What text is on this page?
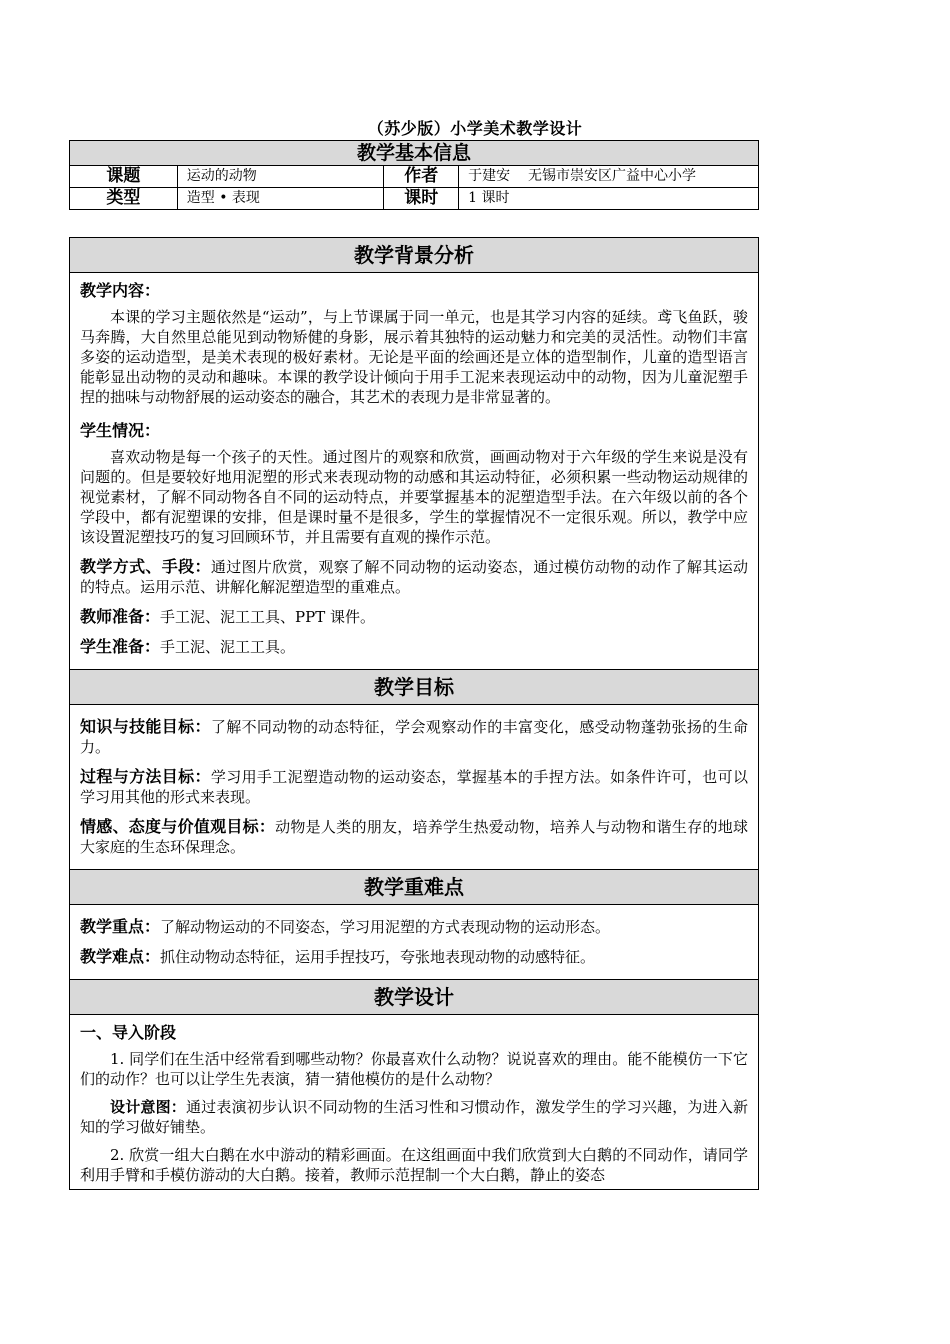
（苏少版）小学美术教学设计
教学基本信息			
课题	运动的动物	作者	于建安    无锡市崇安区广益中心小学
类型	造型 • 表现	课时	1 课时
教学背景分析

教学内容：

本课的学习主题依然是“运动”，与上节课属于同一单元，也是其学习内容的延续。鸢飞鱼跃，骏马奔腾，大自然里总能见到动物矫健的身影，展示着其独特的运动魅力和完美的灵活性。动物们丰富多姿的运动造型，是美术表现的极好素材。无论是平面的绘画还是立体的造型制作，儿童的造型语言能彰显出动物的灵动和趣味。本课的教学设计倾向于用手工泥来表现运动中的动物，因为儿童泥塑手捏的拙味与动物舒展的运动姿态的融合，其艺术的表现力是非常显著的。

学生情况：

喜欢动物是每一个孩子的天性。通过图片的观察和欣赏，画画动物对于六年级的学生来说是没有问题的。但是要较好地用泥塑的形式来表现动物的动感和其运动特征，必须积累一些动物运动规律的视觉素材，了解不同动物各自不同的运动特点，并要掌握基本的泥塑造型手法。在六年级以前的各个学段中，都有泥塑课的安排，但是课时量不是很多，学生的掌握情况不一定很乐观。所以，教学中应该设置泥塑技巧的复习回顾环节，并且需要有直观的操作示范。

教学方式、手段：通过图片欣赏，观察了解不同动物的运动姿态，通过模仿动物的动作了解其运动的特点。运用示范、讲解化解泥塑造型的重难点。

教师准备：手工泥、泥工工具、PPT 课件。

学生准备：手工泥、泥工工具。

教学目标

知识与技能目标：了解不同动物的动态特征，学会观察动作的丰富变化，感受动物蓬勃张扬的生命力。

过程与方法目标：学习用手工泥塑造动物的运动姿态，掌握基本的手捏方法。如条件许可，也可以学习用其他的形式来表现。

情感、态度与价值观目标：动物是人类的朋友，培养学生热爱动物，培养人与动物和谐生存的地球大家庭的生态环保理念。

教学重难点

教学重点：了解动物运动的不同姿态，学习用泥塑的方式表现动物的运动形态。

教学难点：抓住动物动态特征，运用手捏技巧，夸张地表现动物的动感特征。

教学设计

一、导入阶段

1. 同学们在生活中经常看到哪些动物？你最喜欢什么动物？说说喜欢的理由。能不能模仿一下它们的动作？也可以让学生先表演，猜一猜他模仿的是什么动物？

设计意图：通过表演初步认识不同动物的生活习性和习惯动作，激发学生的学习兴趣，为进入新知的学习做好铺垫。

2. 欣赏一组大白鹅在水中游动的精彩画面。在这组画面中我们欣赏到大白鹅的不同动作，请同学利用手臂和手模仿游动的大白鹅。接着，教师示范捏制一个大白鹅，静止的姿态
